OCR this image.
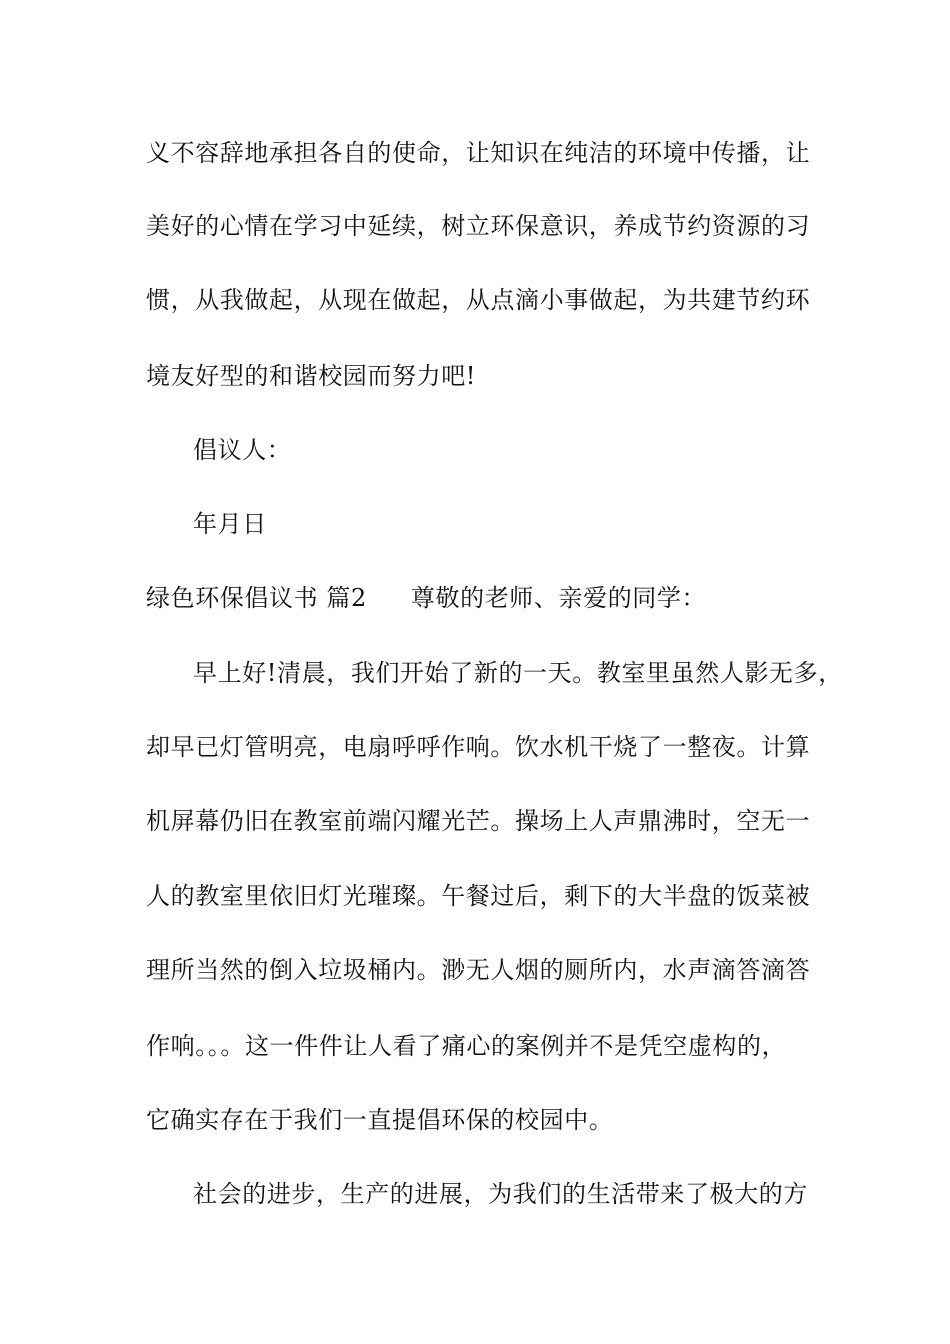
义不容辞地承担各自的使命，让知识在纯洁的环境中传播，让
美好的心情在学习中延续，树立环保意识，养成节约资源的习
惯，从我做起，从现在做起，从点滴小事做起，为共建节约环
境友好型的和谐校园而努力吧!
倡议人：
年月日
绿色环保倡议书 篇2 尊敬的老师、亲爱的同学：
早上好!清晨，我们开始了新的一天。教室里虽然人影无多，
却早已灯管明亮，电扇呼呼作响。饮水机干烧了一整夜。计算
机屏幕仍旧在教室前端闪耀光芒。操场上人声鼎沸时，空无一
人的教室里依旧灯光璀璨。午餐过后，剩下的大半盘的饭菜被
理所当然的倒入垃圾桶内。渺无人烟的厕所内，水声滴答滴答
作响。。。这一件件让人看了痛心的案例并不是凭空虚构的，
它确实存在于我们一直提倡环保的校园中。
社会的进步，生产的进展，为我们的生活带来了极大的方
